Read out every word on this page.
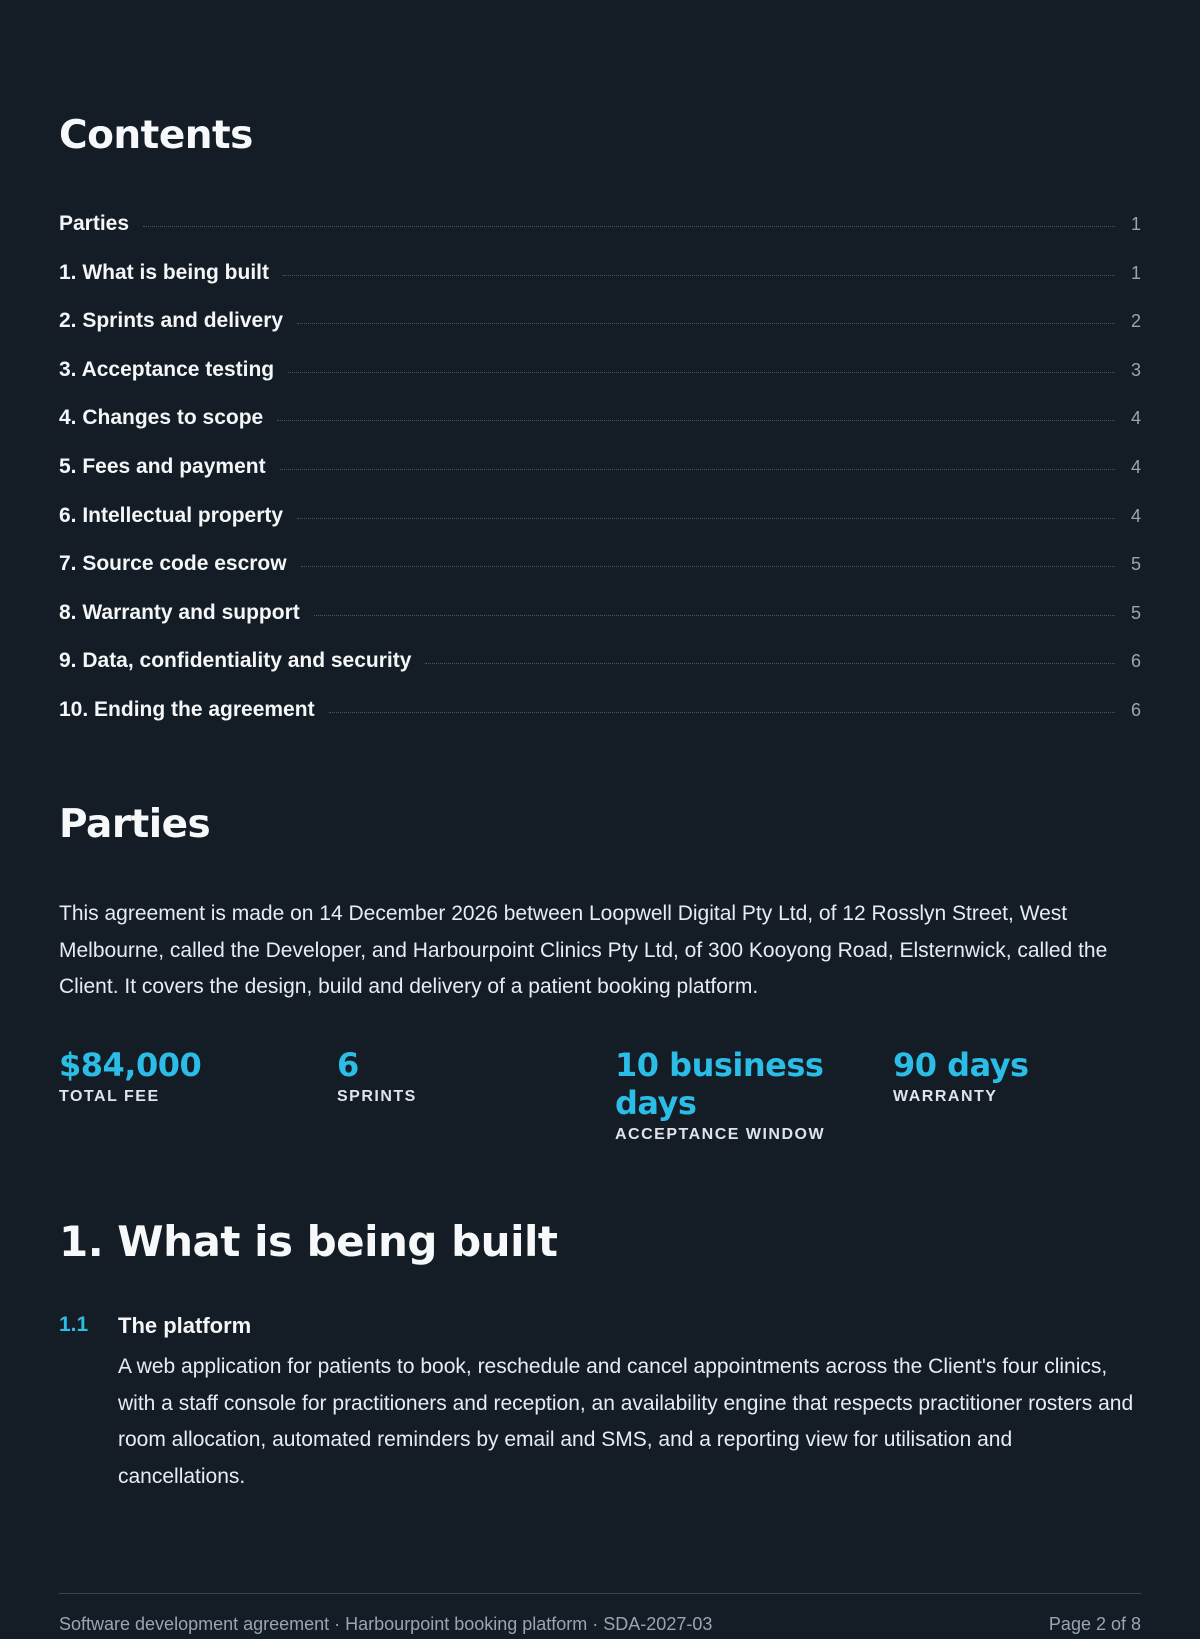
Contents
Parties	1
1. What is being built	1
2. Sprints and delivery	2
3. Acceptance testing	3
4. Changes to scope	4
5. Fees and payment	4
6. Intellectual property	4
7. Source code escrow	5
8. Warranty and support	5
9. Data, confidentiality and security	6
10. Ending the agreement	6
Parties

This agreement is made on 14 December 2026 between Loopwell Digital Pty Ltd, of 12 Rosslyn Street, West Melbourne, called the Developer, and Harbourpoint Clinics Pty Ltd, of 300 Kooyong Road, Elsternwick, called the Client. It covers the design, build and delivery of a patient booking platform.

$84,000
TOTAL FEE
6
SPRINTS
10 business days
ACCEPTANCE WINDOW
90 days
WARRANTY
1. What is being built
1.1 The platform

A web application for patients to book, reschedule and cancel appointments across the Client's four clinics, with a staff console for practitioners and reception, an availability engine that respects practitioner rosters and room allocation, automated reminders by email and SMS, and a reporting view for utilisation and cancellations.

Software development agreement · Harbourpoint booking platform · SDA-2027-03	Page 2 of 8
